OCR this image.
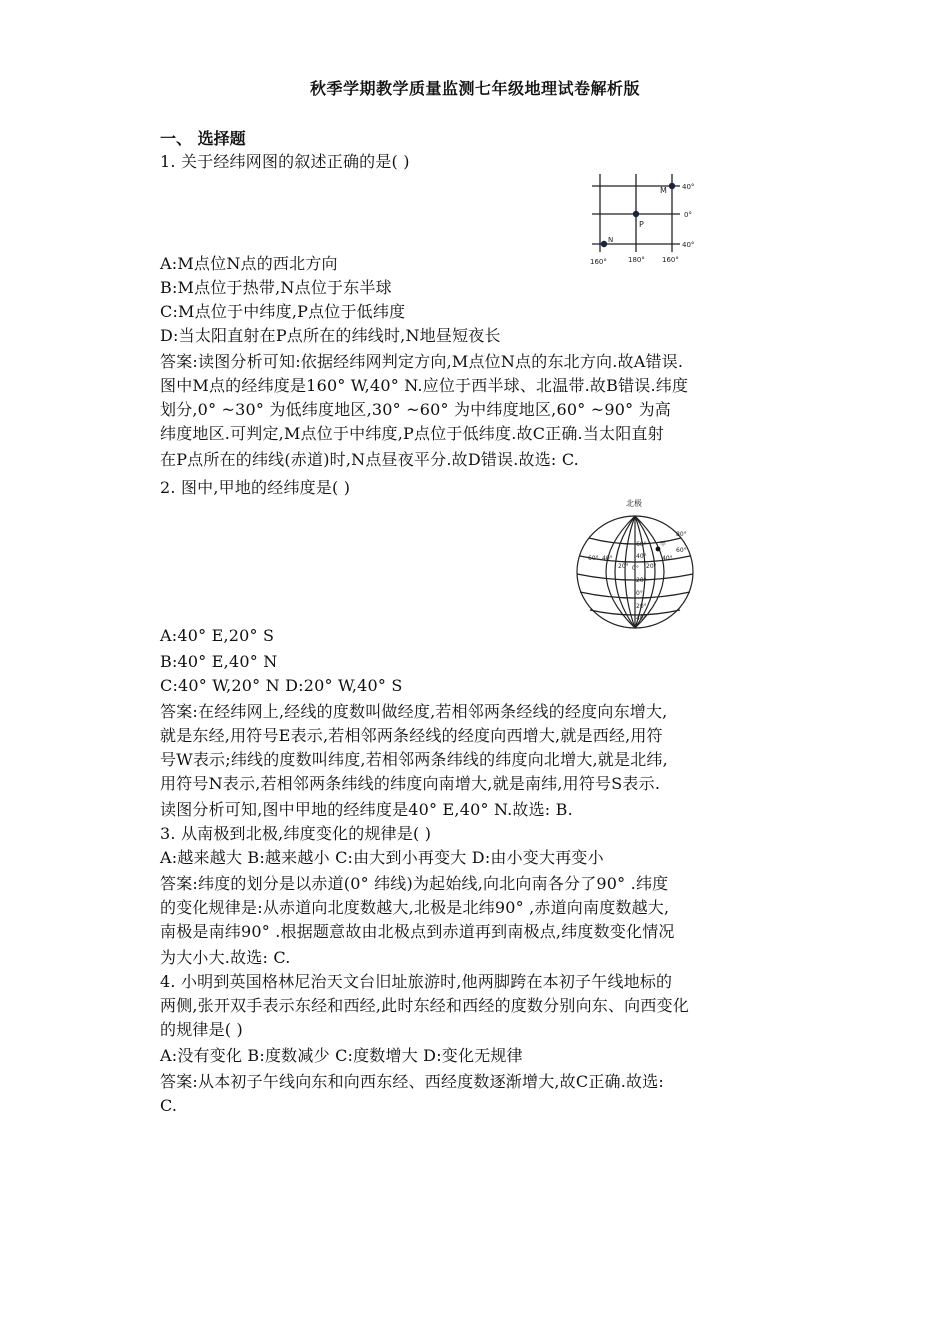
秋季学期教学质量监测七年级地理试卷解析版
一、 选择题
1. 关于经纬网图的叙述正确的是( )
A:M点位N点的西北方向
B:M点位于热带,N点位于东半球
C:M点位于中纬度,P点位于低纬度
D:当太阳直射在P点所在的纬线时,N地昼短夜长
答案:读图分析可知:依据经纬网判定方向,M点位N点的东北方向.故A错误.
图中M点的经纬度是160° W,40° N.应位于西半球、北温带.故B错误.纬度
划分,0° ~30° 为低纬度地区,30° ~60° 为中纬度地区,60° ~90° 为高
纬度地区.可判定,M点位于中纬度,P点位于低纬度.故C正确.当太阳直射
在P点所在的纬线(赤道)时,N点昼夜平分.故D错误.故选: C.
M
P
N
40°
0°
40°
160°	180° 160°
2. 图中,甲地的经纬度是( )
A:40° E,20° S
B:40° E,40° N
C:40° W,20° N D:20° W,40° S
答案:在经纬网上,经线的度数叫做经度,若相邻两条经线的经度向东增大,
就是东经,用符号E表示,若相邻两条经线的经度向西增大,就是西经,用符
号W表示;纬线的度数叫纬度,若相邻两条纬线的纬度向北增大,就是北纬,
用符号N表示,若相邻两条纬线的纬度向南增大,就是南纬,用符号S表示.
读图分析可知,图中甲地的经纬度是40° E,40° N.故选: B.
北极
60° 40°
20° 0° 20°
40°
60°
80°
60°
40°
20°
0°
20°
40°
甲
3. 从南极到北极,纬度变化的规律是( )
A:越来越大 B:越来越小 C:由大到小再变大 D:由小变大再变小
答案:纬度的划分是以赤道(0° 纬线)为起始线,向北向南各分了90° .纬度
的变化规律是:从赤道向北度数越大,北极是北纬90° ,赤道向南度数越大,
南极是南纬90° .根据题意故由北极点到赤道再到南极点,纬度数变化情况
为大小大.故选: C.
4. 小明到英国格林尼治天文台旧址旅游时,他两脚跨在本初子午线地标的
两侧,张开双手表示东经和西经,此时东经和西经的度数分别向东、向西变化
的规律是( )
A:没有变化 B:度数减少 C:度数增大 D:变化无规律
答案:从本初子午线向东和向西东经、西经度数逐渐增大,故C正确.故选:
C.
